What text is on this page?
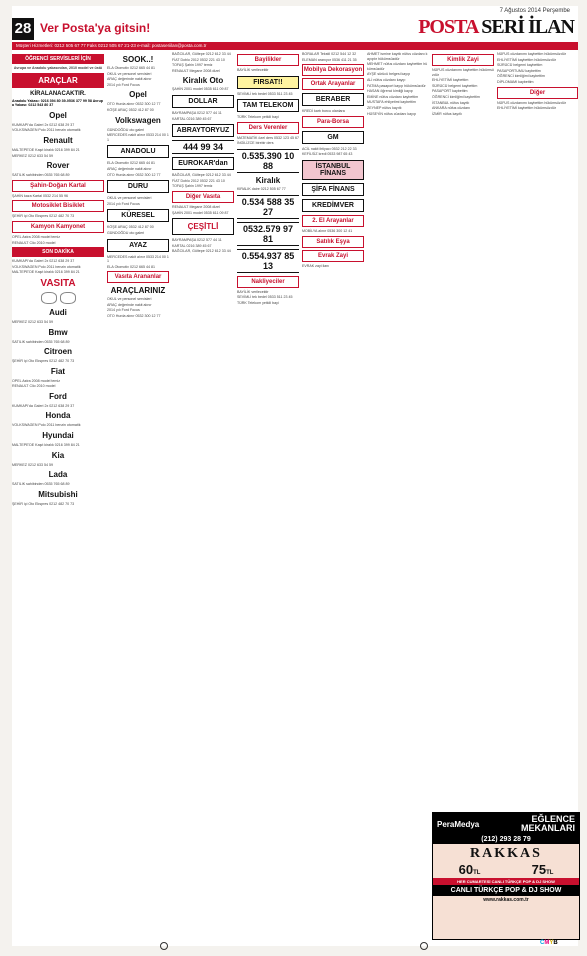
7 Ağustos 2014 Perşembe
28 Ver Posta'ya gitsin!	POSTA SERİ İLAN
Müşteri Hizmetleri: 0212 505 67 77 Faks 0212 505 67 21-23 e-mail: postaseriilan@posta.com.tr
ÖĞRENCİ SERVİSLERİ İÇİN
Avrupa ve Anadolu yakasından, 2010 model ve üstü
ARAÇLAR
KİRALANACAKTIR.
Anadolu Yakası: 0216 394 80 39-0536 377 99 58 Avrupa Yakası: 0212 543 80 37
Opel
KUMKAPI'da Galeri 2x 0212 638 29 37
VOLKSWAGEN Polo 2011 benzin otomatik
Renault
MALTEPE'DE Kaşıt kiralık 0216 399 84 21
MERKEZ 0212 633 54 59
Rover
SATILIK sahibinden 0535 765 68 89
Şahin-Doğan Kartal
ŞAHİN kaza Kartal 0532 214 55 96
Motosiklet Bisiklet
ŞEHİR içi Oto Ekspres 0212 482 70 73
Kamyon Kamyonet
OPEL Astra 2008 model temiz
RENAULT Clio 2010 model
SON DAKİKA
KUMKAPI'da Galeri 2x 0212 638 29 37
VOLKSWAGEN Polo 2011 benzin otomatik
MALTEPE'DE Kaşıt kiralık 0216 399 84 21
VASITA
Audi
MERKEZ 0212 633 54 59
Bmw
SATILIK sahibinden 0535 765 68 89
Citroen
ŞEHİR içi Oto Ekspres 0212 482 70 73
Fiat
OPEL Astra 2008 model temiz
RENAULT Clio 2010 model
Ford
KUMKAPI'da Galeri 2x 0212 638 29 37
Honda
VOLKSWAGEN Polo 2011 benzin otomatik
Hyundai
MALTEPE'DE Kaşıt kiralık 0216 399 84 21
Kia
MERKEZ 0212 633 54 59
Lada
SATILIK sahibinden 0535 765 68 89
Mitsubishi
ŞEHİR içi Oto Ekspres 0212 482 70 73
SOOK..!
ELA Otomotiv 0212 665 44 81
OKUL ve personel servisleri
ARAÇ değerinde nakit alınır
2014 yılı Ford Focus
Opel
OTO Hurda alınır 0532 300 12 77
KÖŞE ARAÇ 0532 412 87 00
Volkswagen
GÜNDOĞDU oto galeri
MERCEDES nakit alınır 0533 214 00 11
ANADOLU
ELA Otomotiv 0212 665 44 81
ARAÇ değerinde nakit alınır
OTO Hurda alınır 0532 300 12 77
DURU
OKUL ve personel servisleri
2014 yılı Ford Focus
KÜRESEL
KÖŞE ARAÇ 0532 412 87 00
GÜNDOĞDU oto galeri
AYAZ
MERCEDES nakit alınır 0533 214 00 11
ELA Otomotiv 0212 665 44 81
Vasıta Arananlar
ARAÇLARINIZ
OKUL ve personel servisleri
ARAÇ değerinde nakit alınır
2014 yılı Ford Focus
OTO Hurda alınır 0532 300 12 77
BAĞCILAR, Gültepe 0212 612 33 44
FİAT Doblo 2012 0532 221 43 10
TOFAŞ Şahin 1997 temiz
RENAULT Megane 2008 dizel
Kiralık Oto
ŞAHİN 2001 model 0535 611 09 87
DOLLAR
BAYRAMPAŞA 0212 577 44 11
KARTAL 0216 389 45 67
ABRAYTORYUZ
444 99 34
EUROKAR'dan
BAĞCILAR, Gültepe 0212 612 33 44
FİAT Doblo 2012 0532 221 43 10
TOFAŞ Şahin 1997 temiz
Diğer Vasıta
RENAULT Megane 2008 dizel
ŞAHİN 2001 model 0535 611 09 87
ÇEŞİTLİ
BAYRAMPAŞA 0212 577 44 11
KARTAL 0216 389 45 67
BAĞCILAR, Gültepe 0212 612 33 44
Bayilikler
BAYİLİK verilecektir
FIRSAT!!
SEVİMLİ tek bedel 0533 511 23 45
TAM TELEKOM
TÜRK Telekom yetkili bayi
Ders Verenler
MATEMATİK özel ders 0532 123 45 67
İNGİLİZCE birebir ders
0.535.390 10 88
Kiralık
KIRALIK daire 0212 505 67 77
0.534 588 35 27
0532.579 97 81
0.554.937 85 13
Nakliyeciler
BAYİLİK verilecektir
SEVİMLİ tek bedel 0533 511 23 45
TÜRK Telekom yetkili bayi
BORALAR Tekstil 0212 544 12 32
ELEMAN aranıyor 0536 411 21 35
Mobilya Dekorasyon
Ortak Arayanlar
BERABER
KREDİ kartı borcu olanlara
Para-Borsa
GM
ACİL nakit ihtiyacı 0532 212 22 33
KEFİLSİZ kredi 0533 987 65 43
İSTANBUL FİNANS
ŞİFA FİNANS
KREDİMVER
2. El Arayanlar
MOBİLYA alınır 0536 300 12 41
Satılık Eşya
Evrak Zayi
EVRAK zayi ilanı
AHMET ismine kayıtlı nüfus cüzdanı kayıptır hükümsüzdür
MEHMET nüfus cüzdanı kaybettim hükümsüzdür
AYŞE sürücü belgesi kayıp
ALİ nüfus cüzdanı kayıp
FATMA pasaport kayıp hükümsüzdür
HASAN öğrenci kimliği kayıp
EMİNE nüfus cüzdanı kaybettim
MUSTAFA ehliyetimi kaybettim
ZEYNEP nüfus kayıtlı
HÜSEYİN nüfus cüzdanı kayıp
Kimlik Zayi
NÜFUS cüzdanımı kaybettim hükümsüzdür
EHLİYETİMİ kaybettim
SÜRÜCÜ belgemi kaybettim
PASAPORT kaybettim
ÖĞRENCİ kimliğimi kaybettim
İSTANBUL nüfus kayıtlı
ANKARA nüfus cüzdanı
İZMİR nüfus kayıtlı
NÜFUS cüzdanımı kaybettim hükümsüzdür
EHLİYETİMİ kaybettim hükümsüzdür
SÜRÜCÜ belgemi kaybettim
PASAPORTUMU kaybettim
ÖĞRENCİ kimliğimi kaybettim
DİPLOMAMI kaybettim
Diğer
NÜFUS cüzdanımı kaybettim hükümsüzdür
EHLİYETİMİ kaybettim hükümsüzdür
PeraMedya	EĞLENCE
MEKANLARI
(212) 293 28 79
RAKKAS
60TL	75TL
HER CUMARTESİ CANLI TÜRKÇE POP & DJ SHOW
CANLI TÜRKÇE POP & DJ SHOW
www.rakkas.com.tr
CMYB
